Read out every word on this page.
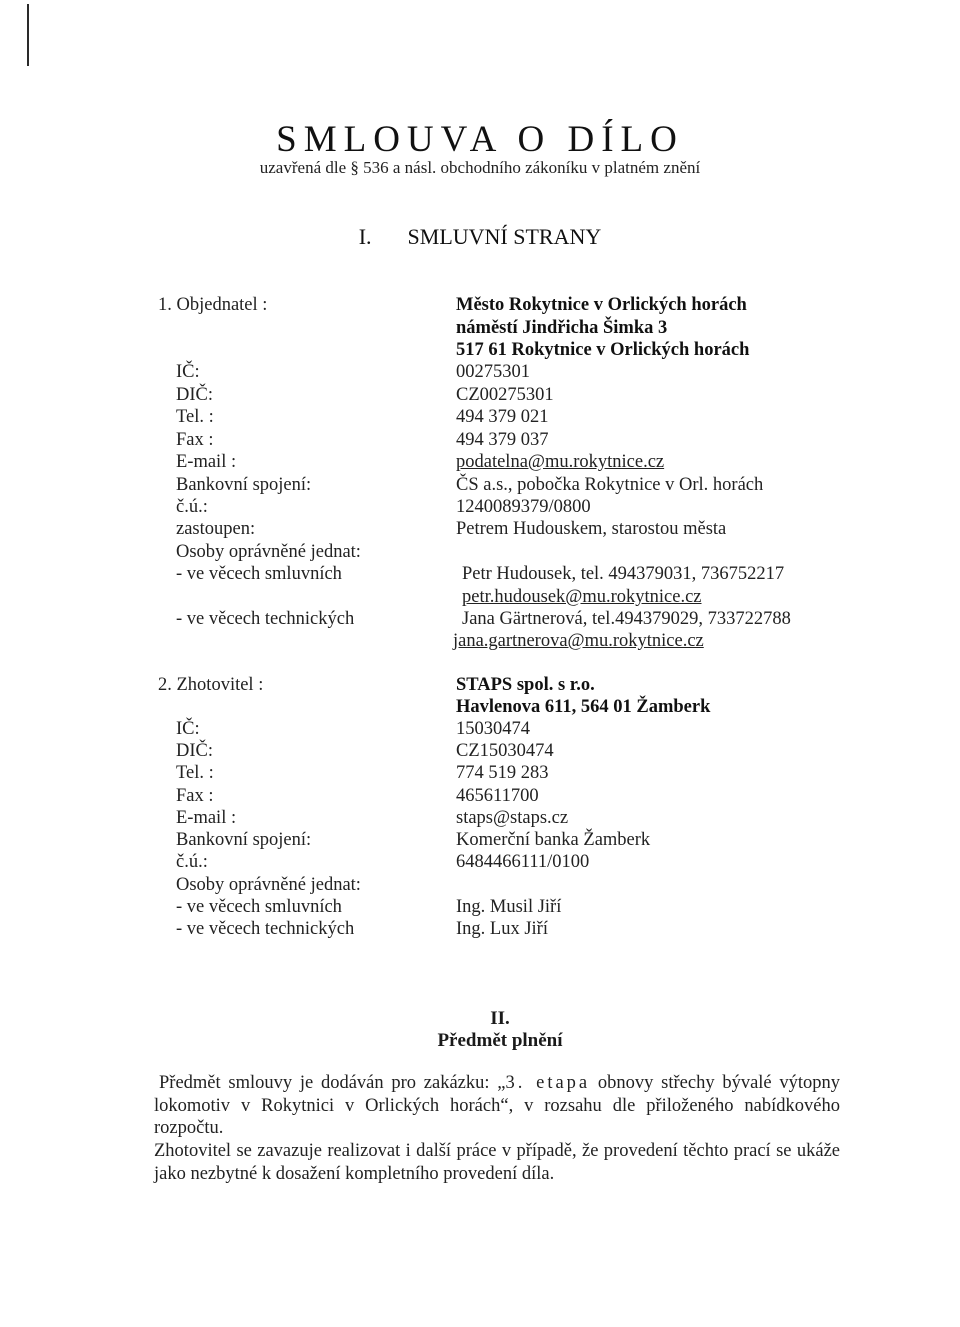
SMLOUVA O DÍLO
uzavřená dle § 536 a násl. obchodního zákoníku v platném znění
I. SMLUVNÍ STRANY
1. Objednatel :	Město Rokytnice v Orlických horách
náměstí Jindřicha Šimka 3
517 61 Rokytnice v Orlických horách
IČ:	00275301
DIČ:	CZ00275301
Tel. :	494 379 021
Fax :	494 379 037
E-mail :	podatelna@mu.rokytnice.cz
Bankovní spojení:	ČS a.s., pobočka Rokytnice v Orl. horách
č.ú.:	1240089379/0800
zastoupen:	Petrem Hudouskem, starostou města
Osoby oprávněné jednat:
- ve věcech smluvních	Petr Hudousek, tel. 494379031, 736752217
petr.hudousek@mu.rokytnice.cz
- ve věcech technických	Jana Gärtnerová, tel.494379029, 733722788
jana.gartnerova@mu.rokytnice.cz
2. Zhotovitel :	STAPS spol. s r.o.
Havlenova 611, 564 01 Žamberk
IČ:	15030474
DIČ:	CZ15030474
Tel. :	774 519 283
Fax :	465611700
E-mail :	staps@staps.cz
Bankovní spojení:	Komerční banka Žamberk
č.ú.:	6484466111/0100
Osoby oprávněné jednat:
- ve věcech smluvních	Ing. Musil Jiří
- ve věcech technických	Ing. Lux Jiří
II.
Předmět plnění
Předmět smlouvy je dodáván pro zakázku: „3. etapa obnovy střechy bývalé výtopny lokomotiv v Rokytnici v Orlických horách“, v rozsahu dle přiloženého nabídkového rozpočtu.
Zhotovitel se zavazuje realizovat i další práce v případě, že provedení těchto prací se ukáže jako nezbytné k dosažení kompletního provedení díla.
